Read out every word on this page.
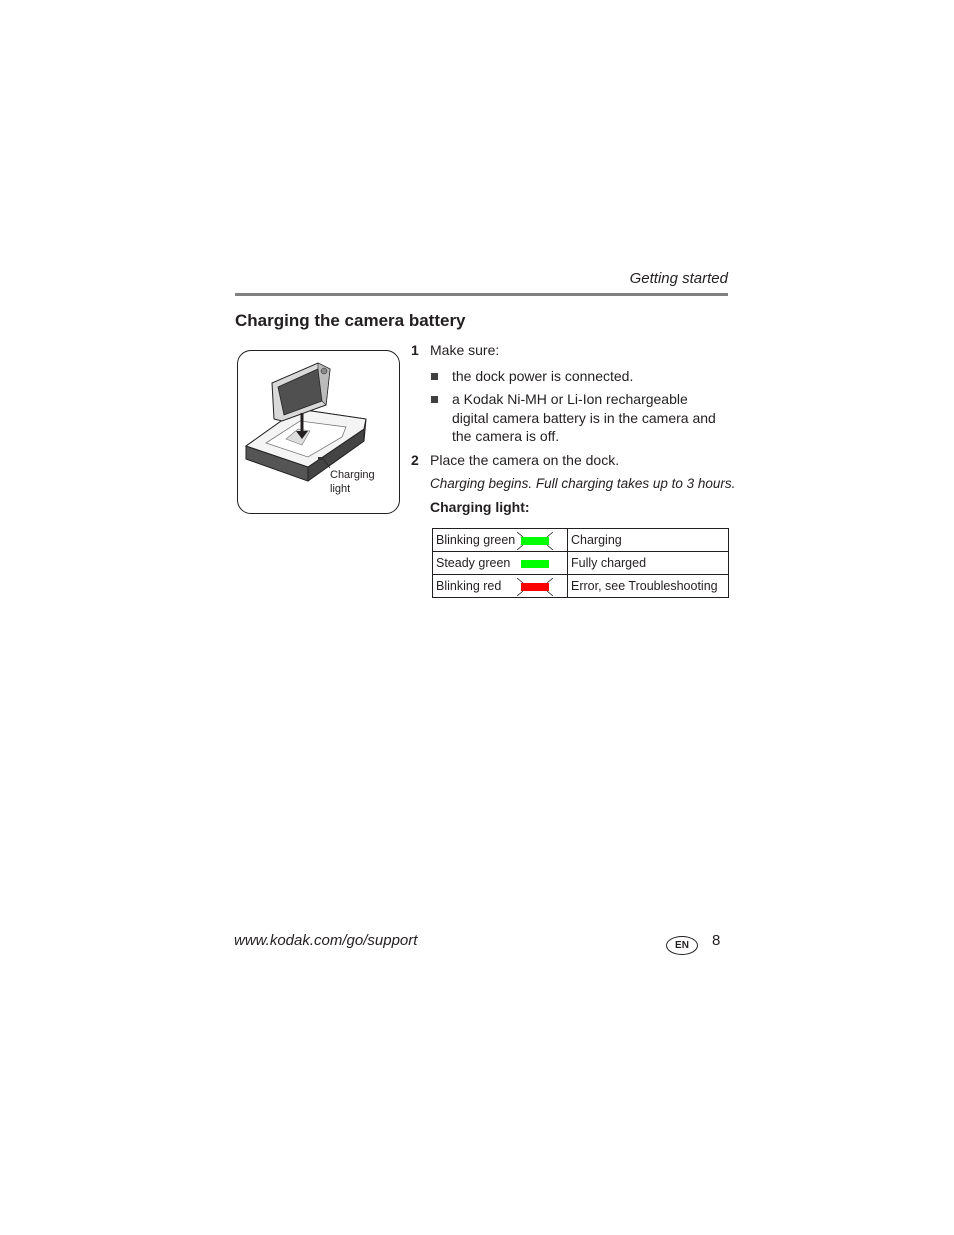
Getting started
Charging the camera battery
Charging
light
1 Make sure:
the dock power is connected.
a Kodak Ni-MH or Li-Ion rechargeable digital camera battery is in the camera and the camera is off.
2 Place the camera on the dock.
Charging begins. Full charging takes up to 3 hours.
Charging light:
Blinking green	Charging
Steady green	Fully charged
Blinking red	Error, see Troubleshooting
www.kodak.com/go/support	EN	8
